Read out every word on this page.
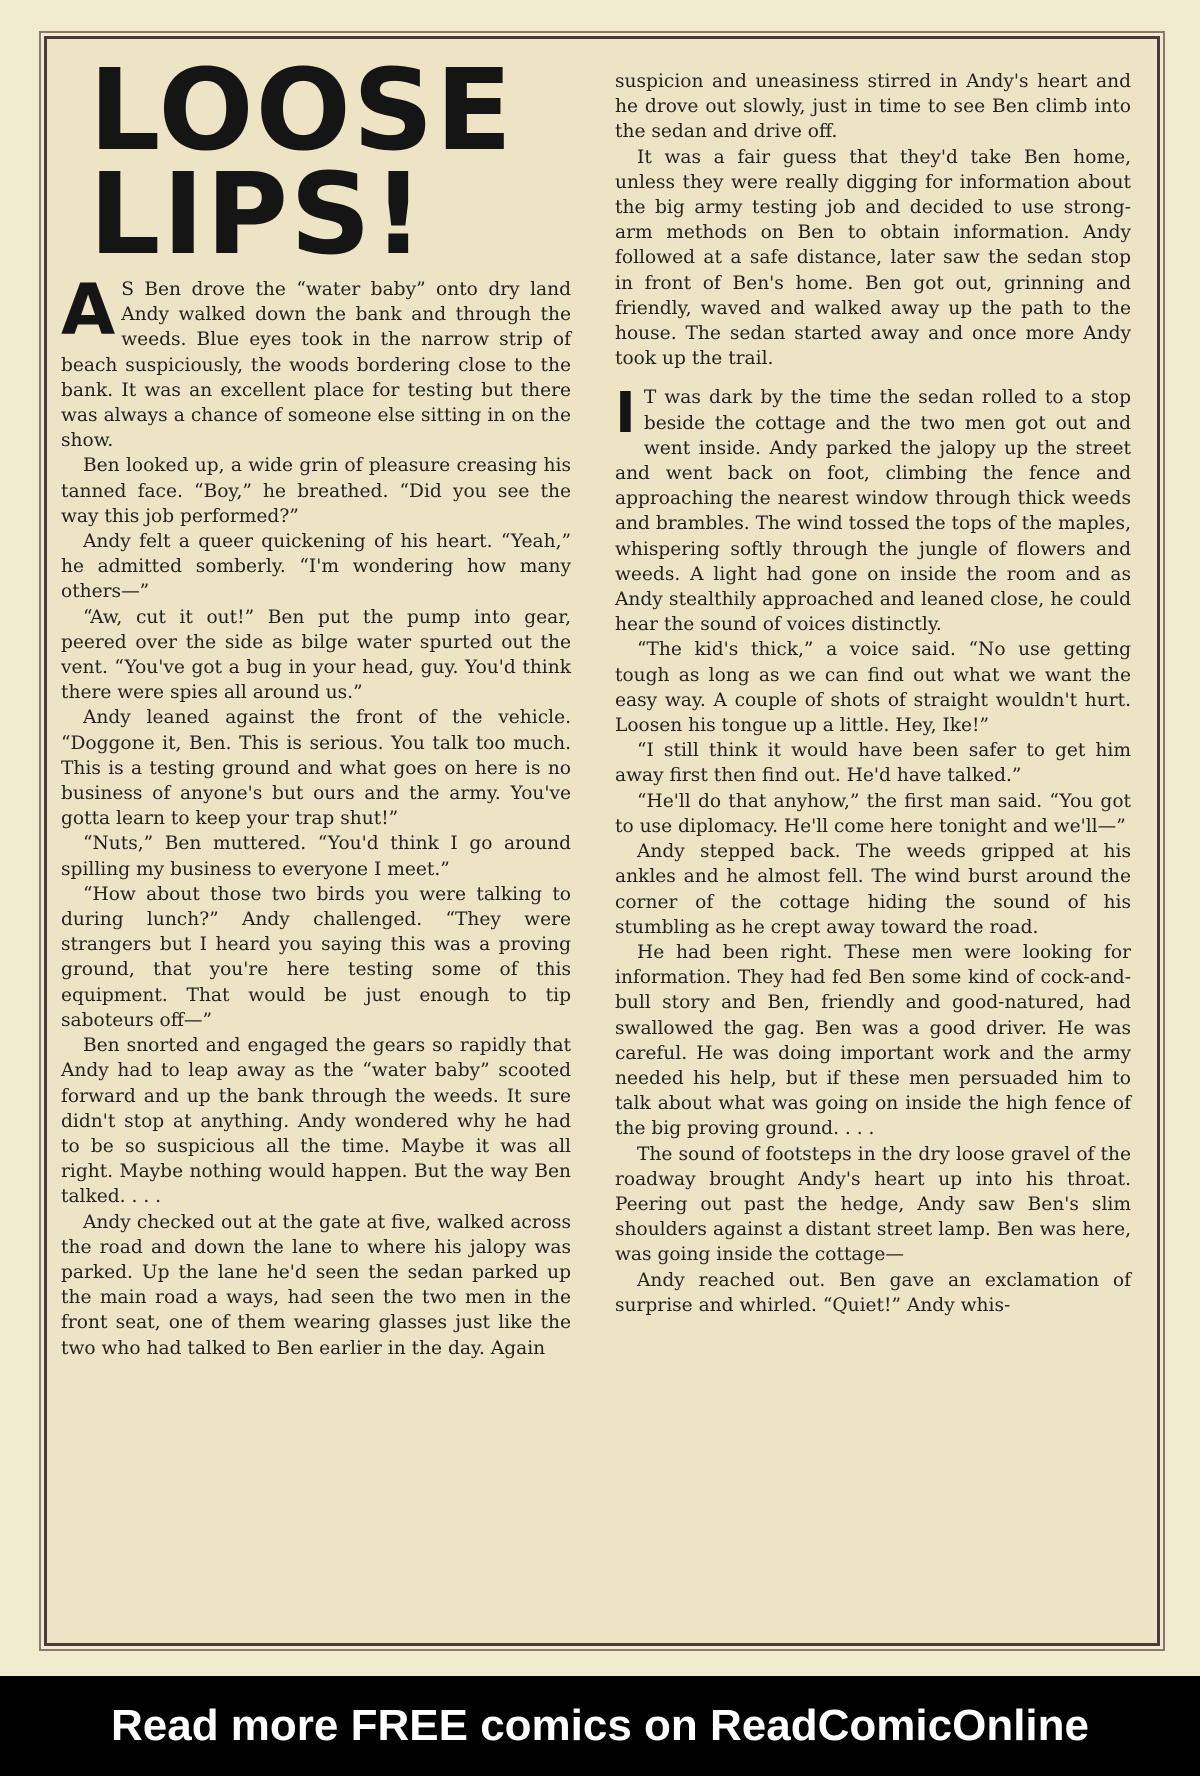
LOOSE
LIPS!

A S Ben drove the “water baby” onto dry land Andy walked down the bank and through the weeds. Blue eyes took in the narrow strip of beach suspiciously, the woods bordering close to the bank. It was an excellent place for testing but there was always a chance of someone else sitting in on the show.

Ben looked up, a wide grin of pleasure creasing his tanned face. “Boy,” he breathed. “Did you see the way this job performed?”

Andy felt a queer quickening of his heart. “Yeah,” he admitted somberly. “I'm wondering how many others—”

“Aw, cut it out!” Ben put the pump into gear, peered over the side as bilge water spurted out the vent. “You've got a bug in your head, guy. You'd think there were spies all around us.”

Andy leaned against the front of the vehicle. “Doggone it, Ben. This is serious. You talk too much. This is a testing ground and what goes on here is no business of anyone's but ours and the army. You've gotta learn to keep your trap shut!”

“Nuts,” Ben muttered. “You'd think I go around spilling my business to everyone I meet.”

“How about those two birds you were talking to during lunch?” Andy challenged. “They were strangers but I heard you saying this was a proving ground, that you're here testing some of this equipment. That would be just enough to tip saboteurs off—”

Ben snorted and engaged the gears so rapidly that Andy had to leap away as the “water baby” scooted forward and up the bank through the weeds. It sure didn't stop at anything. Andy wondered why he had to be so suspicious all the time. Maybe it was all right. Maybe nothing would happen. But the way Ben talked. . . .

Andy checked out at the gate at five, walked across the road and down the lane to where his jalopy was parked. Up the lane he'd seen the sedan parked up the main road a ways, had seen the two men in the front seat, one of them wearing glasses just like the two who had talked to Ben earlier in the day. Again

suspicion and uneasiness stirred in Andy's heart and he drove out slowly, just in time to see Ben climb into the sedan and drive off.

It was a fair guess that they'd take Ben home, unless they were really digging for information about the big army testing job and decided to use strong-arm methods on Ben to obtain information. Andy followed at a safe distance, later saw the sedan stop in front of Ben's home. Ben got out, grinning and friendly, waved and walked away up the path to the house. The sedan started away and once more Andy took up the trail.

I T was dark by the time the sedan rolled to a stop beside the cottage and the two men got out and went inside. Andy parked the jalopy up the street and went back on foot, climbing the fence and approaching the nearest window through thick weeds and brambles. The wind tossed the tops of the maples, whispering softly through the jungle of flowers and weeds. A light had gone on inside the room and as Andy stealthily approached and leaned close, he could hear the sound of voices distinctly.

“The kid's thick,” a voice said. “No use getting tough as long as we can find out what we want the easy way. A couple of shots of straight wouldn't hurt. Loosen his tongue up a little. Hey, Ike!”

“I still think it would have been safer to get him away first then find out. He'd have talked.”

“He'll do that anyhow,” the first man said. “You got to use diplomacy. He'll come here tonight and we'll—”

Andy stepped back. The weeds gripped at his ankles and he almost fell. The wind burst around the corner of the cottage hiding the sound of his stumbling as he crept away toward the road.

He had been right. These men were looking for information. They had fed Ben some kind of cock-and-bull story and Ben, friendly and good-natured, had swallowed the gag. Ben was a good driver. He was careful. He was doing important work and the army needed his help, but if these men persuaded him to talk about what was going on inside the high fence of the big proving ground. . . .

The sound of footsteps in the dry loose gravel of the roadway brought Andy's heart up into his throat. Peering out past the hedge, Andy saw Ben's slim shoulders against a distant street lamp. Ben was here, was going inside the cottage—

Andy reached out. Ben gave an exclamation of surprise and whirled. “Quiet!” Andy whis-

Read more FREE comics on ReadComicOnline
